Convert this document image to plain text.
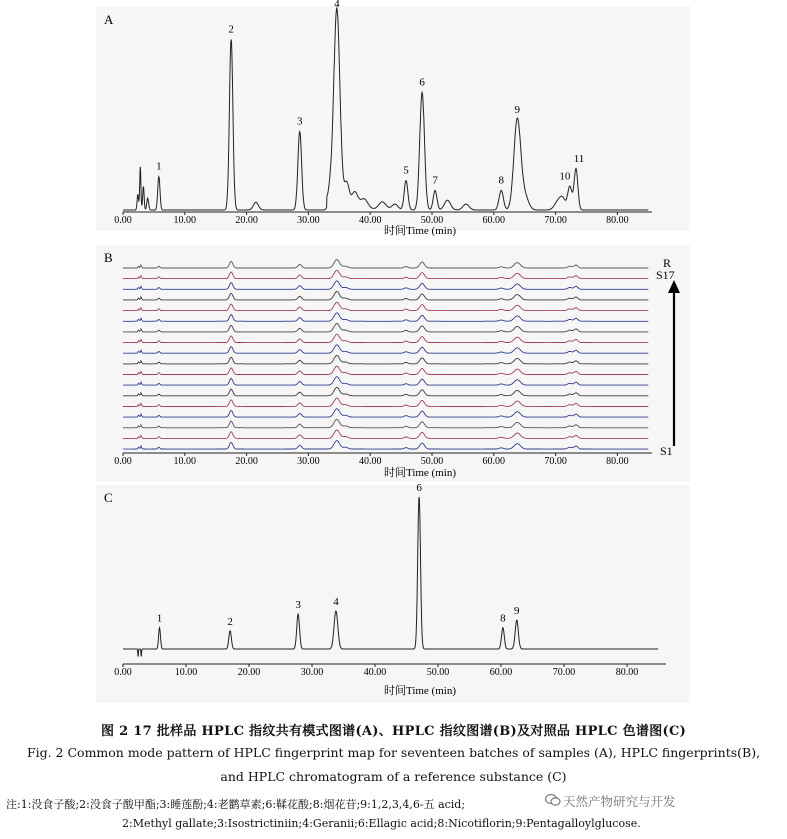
A
0.00	10.00	20.00	30.00	40.00	50.00	60.00	70.00	80.00
1
2
3
4
5
6
7	8
9
10
11
时间Time (min)
B
0.00	10.00	20.00	30.00	40.00	50.00	60.00	70.00	80.00
R
S17
S1
时间Time (min)
C
0.00	10.00	20.00	30.00	40.00	50.00	60.00	70.00	80.00
1	2
3	4
6
8
9
时间Time (min)
图 2 17 批样品 HPLC 指纹共有模式图谱(A)、HPLC 指纹图谱(B)及对照品 HPLC 色谱图(C)
Fig. 2 Common mode pattern of HPLC fingerprint map for seventeen batches of samples (A), HPLC fingerprints(B),
and HPLC chromatogram of a reference substance (C)
注:1:没食子酸;2:没食子酸甲酯;3:睡莲酚;4:老鹳草素;6:鞣花酸;8:烟花苷;9:1,2,3,4,6-五 acid;
2:Methyl gallate;3:Isostrictiniin;4:Geranii;6:Ellagic acid;8:Nicotiflorin;9:Pentagalloylglucose.
天然产物研究与开发
